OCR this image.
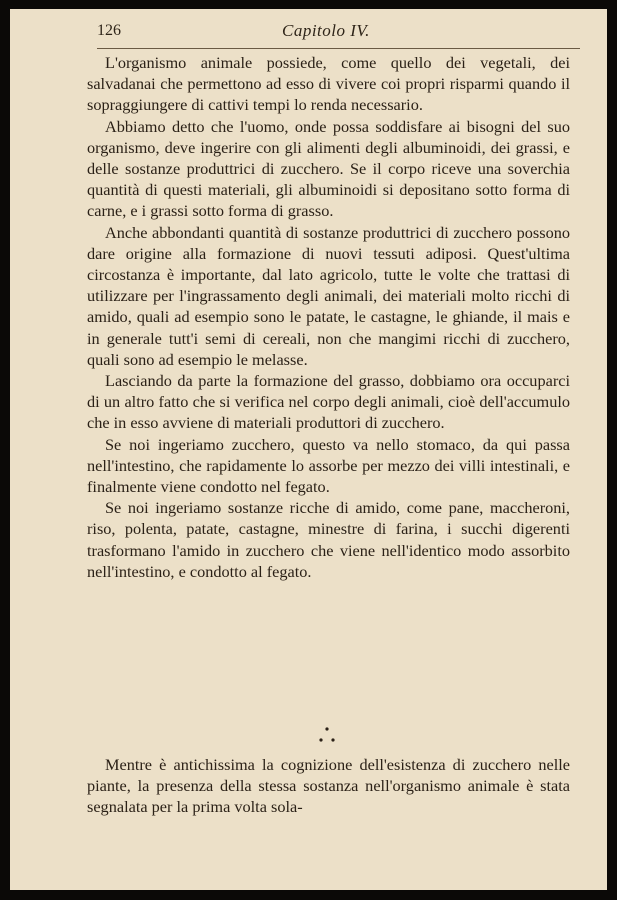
126	Capitolo IV.

L'organismo animale possiede, come quello dei vegetali, dei salvadanai che permettono ad esso di vivere coi propri risparmi quando il sopraggiungere di cattivi tempi lo renda necessario.

Abbiamo detto che l'uomo, onde possa soddisfare ai bisogni del suo organismo, deve ingerire con gli alimenti degli albuminoidi, dei grassi, e delle sostanze produttrici di zucchero. Se il corpo riceve una soverchia quantità di questi materiali, gli albuminoidi si depositano sotto forma di carne, e i grassi sotto forma di grasso.

Anche abbondanti quantità di sostanze produttrici di zucchero possono dare origine alla formazione di nuovi tessuti adiposi. Quest'ultima circostanza è importante, dal lato agricolo, tutte le volte che trattasi di utilizzare per l'ingrassamento degli animali, dei materiali molto ricchi di amido, quali ad esempio sono le patate, le castagne, le ghiande, il mais e in generale tutt'i semi di cereali, non che mangimi ricchi di zucchero, quali sono ad esempio le melasse.

Lasciando da parte la formazione del grasso, dobbiamo ora occuparci di un altro fatto che si verifica nel corpo degli animali, cioè dell'accumulo che in esso avviene di materiali produttori di zucchero.

Se noi ingeriamo zucchero, questo va nello stomaco, da qui passa nell'intestino, che rapidamente lo assorbe per mezzo dei villi intestinali, e finalmente viene condotto nel fegato.

Se noi ingeriamo sostanze ricche di amido, come pane, maccheroni, riso, polenta, patate, castagne, minestre di farina, i succhi digerenti trasformano l'amido in zucchero che viene nell'identico modo assorbito nell'intestino, e condotto al fegato.

Mentre è antichissima la cognizione dell'esistenza di zucchero nelle piante, la presenza della stessa sostanza nell'organismo animale è stata segnalata per la prima volta sola-
